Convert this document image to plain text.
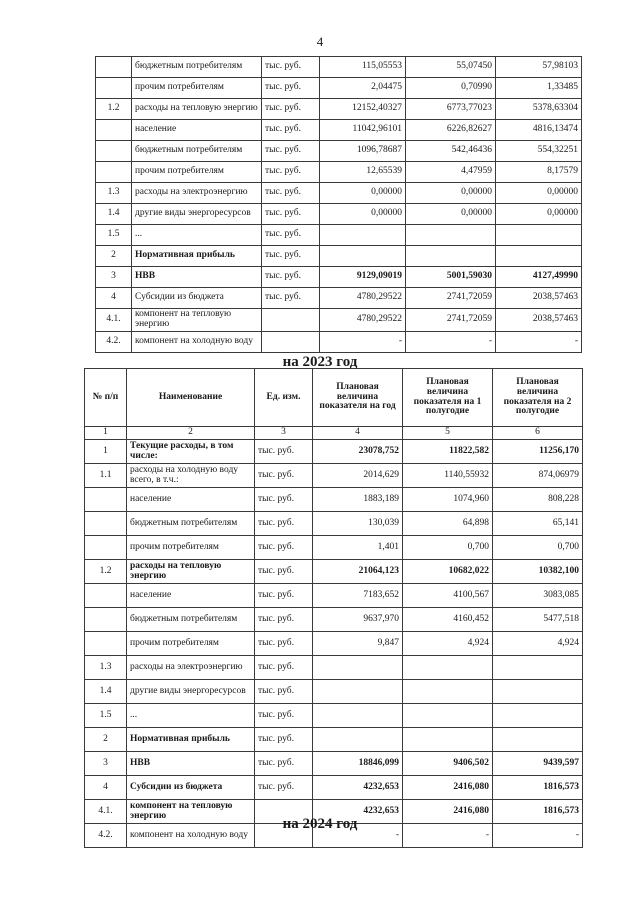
4
	бюджетным потребителям	тыс. руб.	115,05553	55,07450	57,98103
	прочим потребителям	тыс. руб.	2,04475	0,70990	1,33485
1.2	расходы на тепловую энергию	тыс. руб.	12152,40327	6773,77023	5378,63304
	население	тыс. руб.	11042,96101	6226,82627	4816,13474
	бюджетным потребителям	тыс. руб.	1096,78687	542,46436	554,32251
	прочим потребителям	тыс. руб.	12,65539	4,47959	8,17579
1.3	расходы на электроэнергию	тыс. руб.	0,00000	0,00000	0,00000
1.4	другие виды энергоресурсов	тыс. руб.	0,00000	0,00000	0,00000
1.5	...	тыс. руб.			
2	Нормативная прибыль	тыс. руб.			
3	НВВ	тыс. руб.	9129,09019	5001,59030	4127,49990
4	Субсидии из бюджета	тыс. руб.	4780,29522	2741,72059	2038,57463
4.1.	компонент на тепловую энергию		4780,29522	2741,72059	2038,57463
4.2.	компонент на холодную воду		-	-	-
на 2023 год
№ п/п	Наименование	Ед. изм.	Плановая величина показателя на год	Плановая величина показателя на 1 полугодие	Плановая величина показателя на 2 полугодие
1	2	3	4	5	6
1	Текущие расходы, в том числе:	тыс. руб.	23078,752	11822,582	11256,170
1.1	расходы на холодную воду всего, в т.ч.:	тыс. руб.	2014,629	1140,55932	874,06979
	население	тыс. руб.	1883,189	1074,960	808,228
	бюджетным потребителям	тыс. руб.	130,039	64,898	65,141
	прочим потребителям	тыс. руб.	1,401	0,700	0,700
1.2	расходы на тепловую энергию	тыс. руб.	21064,123	10682,022	10382,100
	население	тыс. руб.	7183,652	4100,567	3083,085
	бюджетным потребителям	тыс. руб.	9637,970	4160,452	5477,518
	прочим потребителям	тыс. руб.	9,847	4,924	4,924
1.3	расходы на электроэнергию	тыс. руб.			
1.4	другие виды энергоресурсов	тыс. руб.			
1.5	...	тыс. руб.			
2	Нормативная прибыль	тыс. руб.			
3	НВВ	тыс. руб.	18846,099	9406,502	9439,597
4	Субсидии из бюджета	тыс. руб.	4232,653	2416,080	1816,573
4.1.	компонент на тепловую энергию		4232,653	2416,080	1816,573
4.2.	компонент на холодную воду		-	-	-
на 2024 год
